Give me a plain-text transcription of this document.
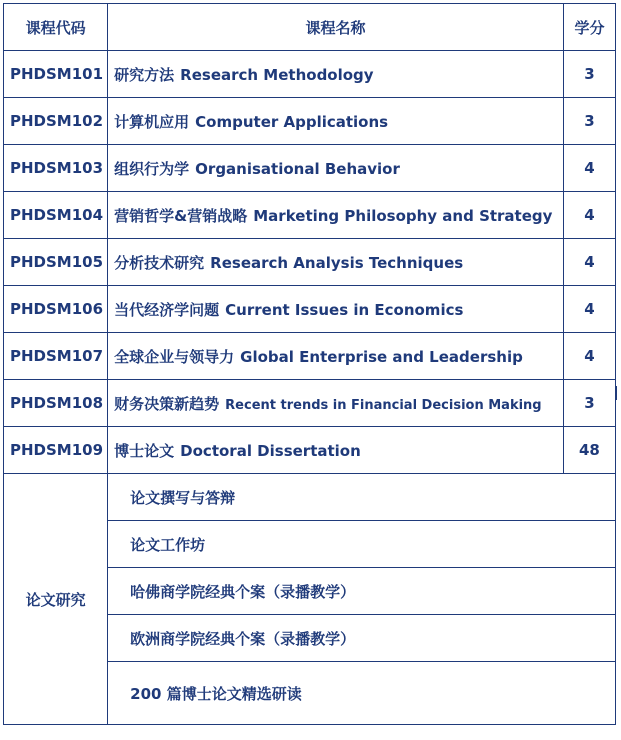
课程代码	课程名称	学分
PHDSM101	研究方法 Research Methodology	3
PHDSM102	计算机应用 Computer Applications	3
PHDSM103	组织行为学 Organisational Behavior	4
PHDSM104	营销哲学&营销战略 Marketing Philosophy and Strategy	4
PHDSM105	分析技术研究 Research Analysis Techniques	4
PHDSM106	当代经济学问题 Current Issues in Economics	4
PHDSM107	全球企业与领导力 Global Enterprise and Leadership	4
PHDSM108	财务决策新趋势 Recent trends in Financial Decision Making	3
PHDSM109	博士论文 Doctoral Dissertation	48
论文研究	论文撰写与答辩	
	论文工作坊	
	哈佛商学院经典个案（录播教学）	
	欧洲商学院经典个案（录播教学）	
	200 篇博士论文精选研读	
